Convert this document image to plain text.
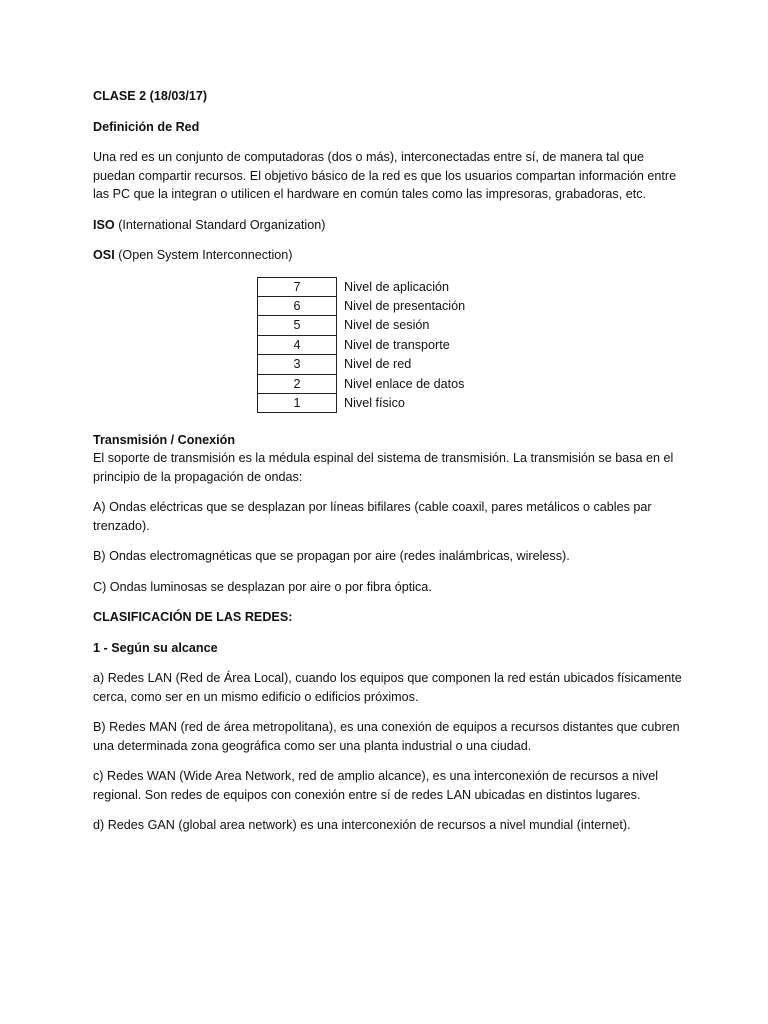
CLASE 2 (18/03/17)

Definición de Red

Una red es un conjunto de computadoras (dos o más), interconectadas entre sí, de manera tal que puedan compartir recursos. El objetivo básico de la red es que los usuarios compartan información entre las PC que la integran o utilicen el hardware en común tales como las impresoras, grabadoras, etc.

ISO (International Standard Organization)

OSI (Open System Interconnection)

7	Nivel de aplicación
6	Nivel de presentación
5	Nivel de sesión
4	Nivel de transporte
3	Nivel de red
2	Nivel enlace de datos
1	Nivel físico

Transmisión / Conexión

El soporte de transmisión es la médula espinal del sistema de transmisión. La transmisión se basa en el principio de la propagación de ondas:

A) Ondas eléctricas que se desplazan por líneas bifilares (cable coaxil, pares metálicos o cables par trenzado).

B) Ondas electromagnéticas que se propagan por aire (redes inalámbricas, wireless).

C) Ondas luminosas se desplazan por aire o por fibra óptica.

CLASIFICACIÓN DE LAS REDES:

1 - Según su alcance

a) Redes LAN (Red de Área Local), cuando los equipos que componen la red están ubicados físicamente cerca, como ser en un mismo edificio o edificios próximos.

B) Redes MAN (red de área metropolitana), es una conexión de equipos a recursos distantes que cubren una determinada zona geográfica como ser una planta industrial o una ciudad.

c) Redes WAN (Wide Area Network, red de amplio alcance), es una interconexión de recursos a nivel regional. Son redes de equipos con conexión entre sí de redes LAN ubicadas en distintos lugares.

d) Redes GAN (global area network) es una interconexión de recursos a nivel mundial (internet).
